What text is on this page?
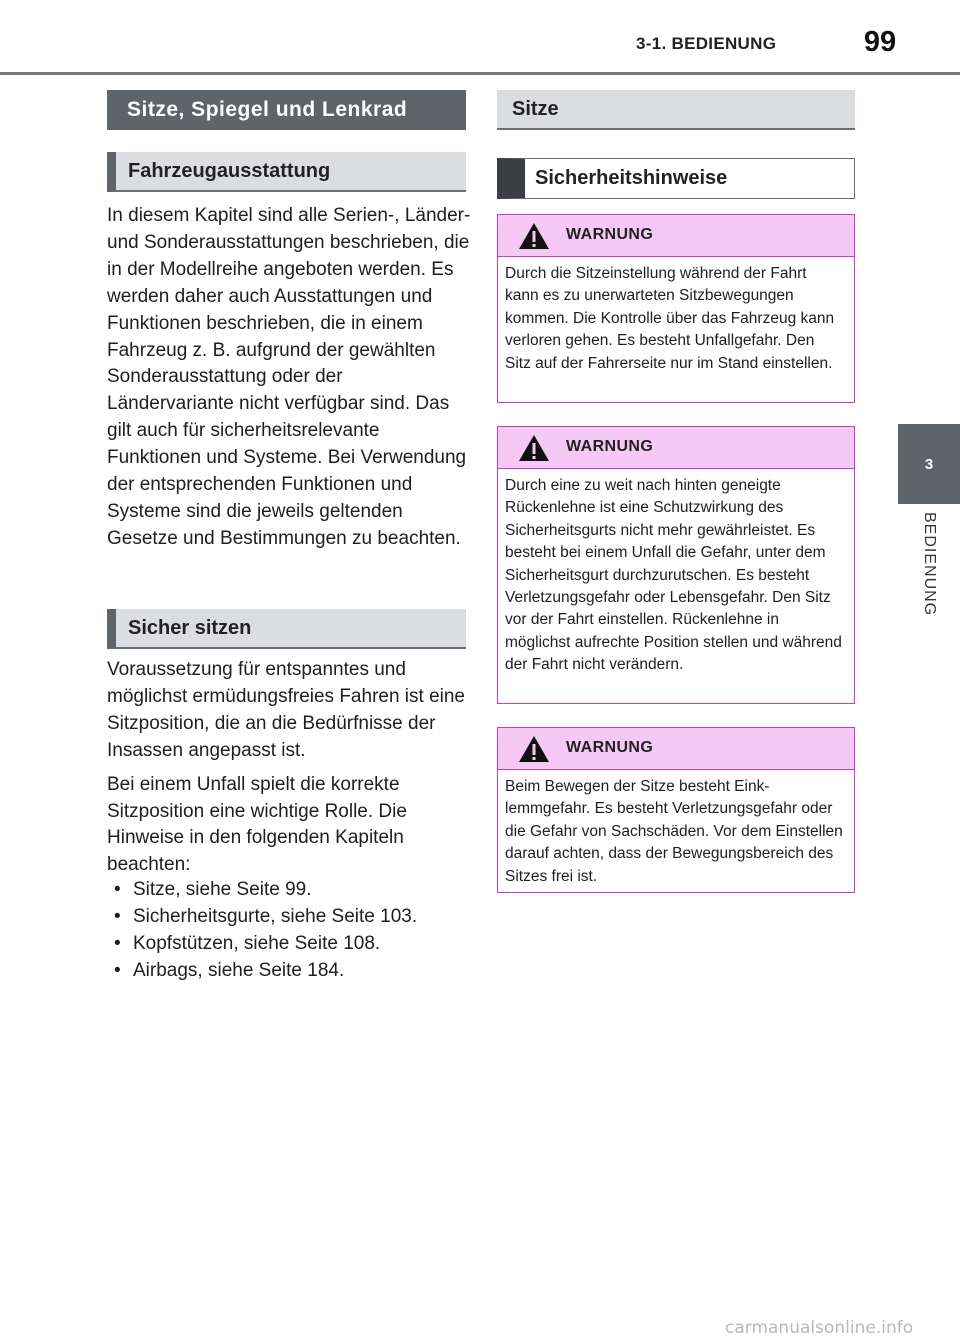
3-1. BEDIENUNG	99
3
BEDIENUNG
Sitze, Spiegel und Lenkrad
Fahrzeugausstattung

In diesem Kapitel sind alle Serien-, Länder- und Sonderausstattungen beschrieben, die in der Modellreihe angeboten werden. Es werden daher auch Ausstattungen und Funktionen beschrieben, die in einem Fahrzeug z. B. aufgrund der gewählten Sonderausstattung oder der Ländervariante nicht verfügbar sind. Das gilt auch für sicherheitsrelevante Funktionen und Systeme. Bei Verwendung der entsprechenden Funktionen und Systeme sind die jeweils geltenden Gesetze und Bestimmungen zu beachten.

Sicher sitzen

Voraussetzung für entspanntes und möglichst ermüdungsfreies Fahren ist eine Sitzposition, die an die Bedürfnisse der Insassen angepasst ist.

Bei einem Unfall spielt die korrekte Sitzposition eine wichtige Rolle. Die Hinweise in den folgenden Kapiteln beachten:

• Sitze, siehe Seite 99.
• Sicherheitsgurte, siehe Seite 103.
• Kopfstützen, siehe Seite 108.
• Airbags, siehe Seite 184.
Sitze
Sicherheitshinweise
WARNUNG
Durch die Sitzeinstellung während der Fahrt kann es zu unerwarteten Sitzbewegungen kommen. Die Kontrolle über das Fahrzeug kann verloren gehen. Es besteht Unfallgefahr. Den Sitz auf der Fahrerseite nur im Stand einstellen.
WARNUNG
Durch eine zu weit nach hinten geneigte Rückenlehne ist eine Schutzwirkung des Sicherheitsgurts nicht mehr gewährleistet. Es besteht bei einem Unfall die Gefahr, unter dem Sicherheitsgurt durchzurutschen. Es besteht Verletzungsgefahr oder Lebensgefahr. Den Sitz vor der Fahrt einstellen. Rückenlehne in möglichst aufrechte Position stellen und während der Fahrt nicht verändern.
WARNUNG
Beim Bewegen der Sitze besteht Einklemmgefahr. Es besteht Verletzungsgefahr oder die Gefahr von Sachschäden. Vor dem Einstellen darauf achten, dass der Bewegungsbereich des Sitzes frei ist.
carmanualsonline.info
